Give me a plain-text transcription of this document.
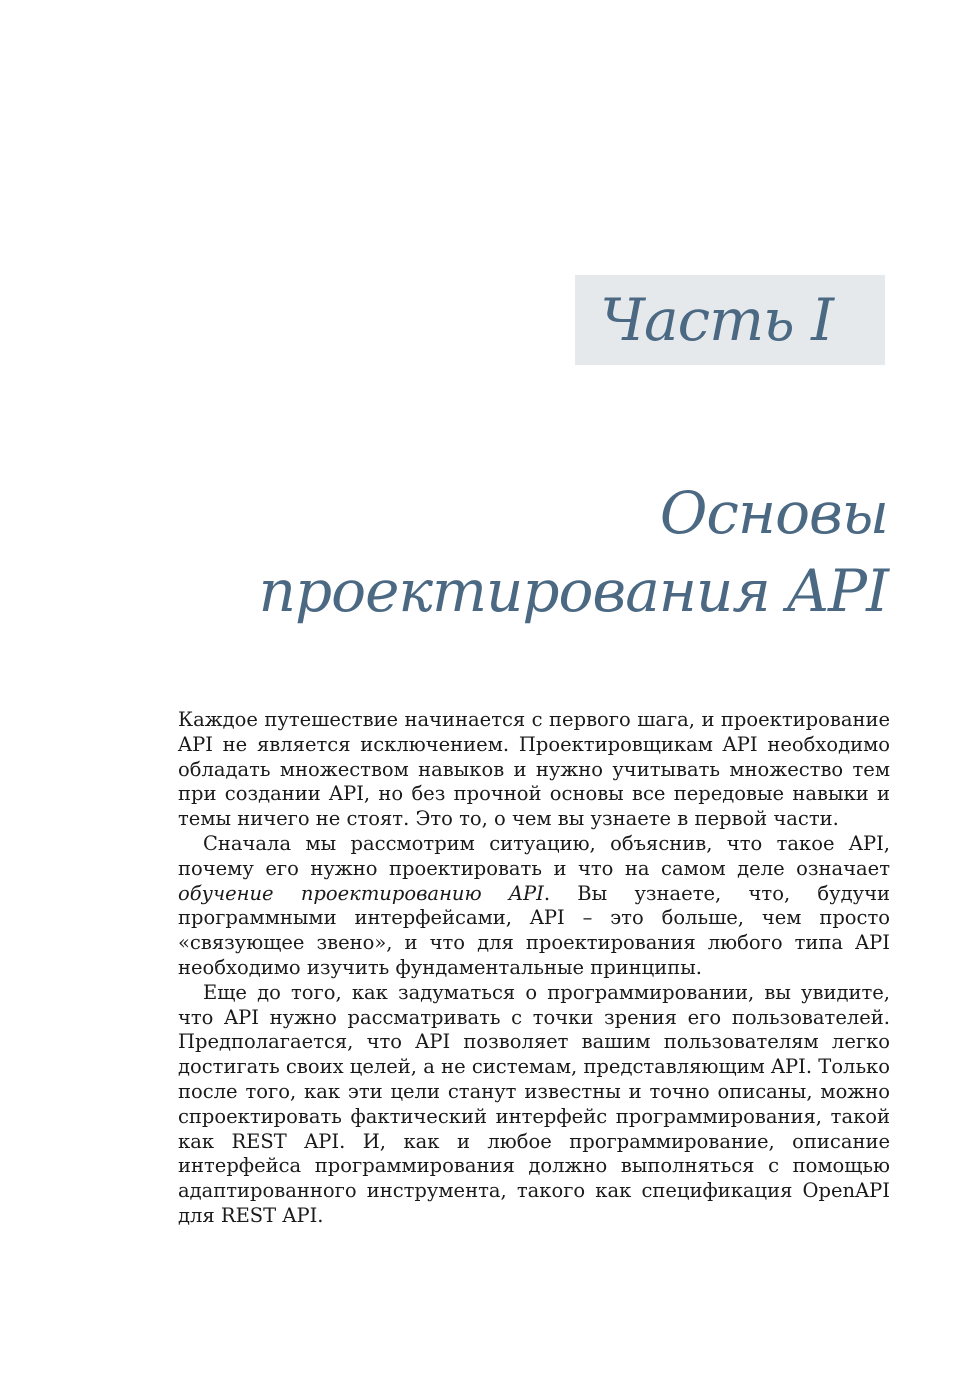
Часть I
Основы
проектирования API

Каждое путешествие начинается с первого шага, и проектирование API не является исключением. Проектировщикам API необходимо обладать множеством навыков и нужно учитывать множество тем при создании API, но без прочной основы все передовые навыки и темы ничего не стоят. Это то, о чем вы узнаете в первой части.

Сначала мы рассмотрим ситуацию, объяснив, что такое API, почему его нужно проектировать и что на самом деле означает обучение проектированию API. Вы узнаете, что, будучи программными интерфейсами, API – это больше, чем просто «связующее звено», и что для проектирования любого типа API необходимо изучить фундаментальные принципы.

Еще до того, как задуматься о программировании, вы увидите, что API нужно рассматривать с точки зрения его пользователей. Предполагается, что API позволяет вашим пользователям легко достигать своих целей, а не системам, представляющим API. Только после того, как эти цели станут известны и точно описаны, можно спроектировать фактический интерфейс программирования, такой как REST API. И, как и любое программирование, описание интерфейса программирования должно выполняться с помощью адаптированного инструмента, такого как спецификация OpenAPI для REST API.
